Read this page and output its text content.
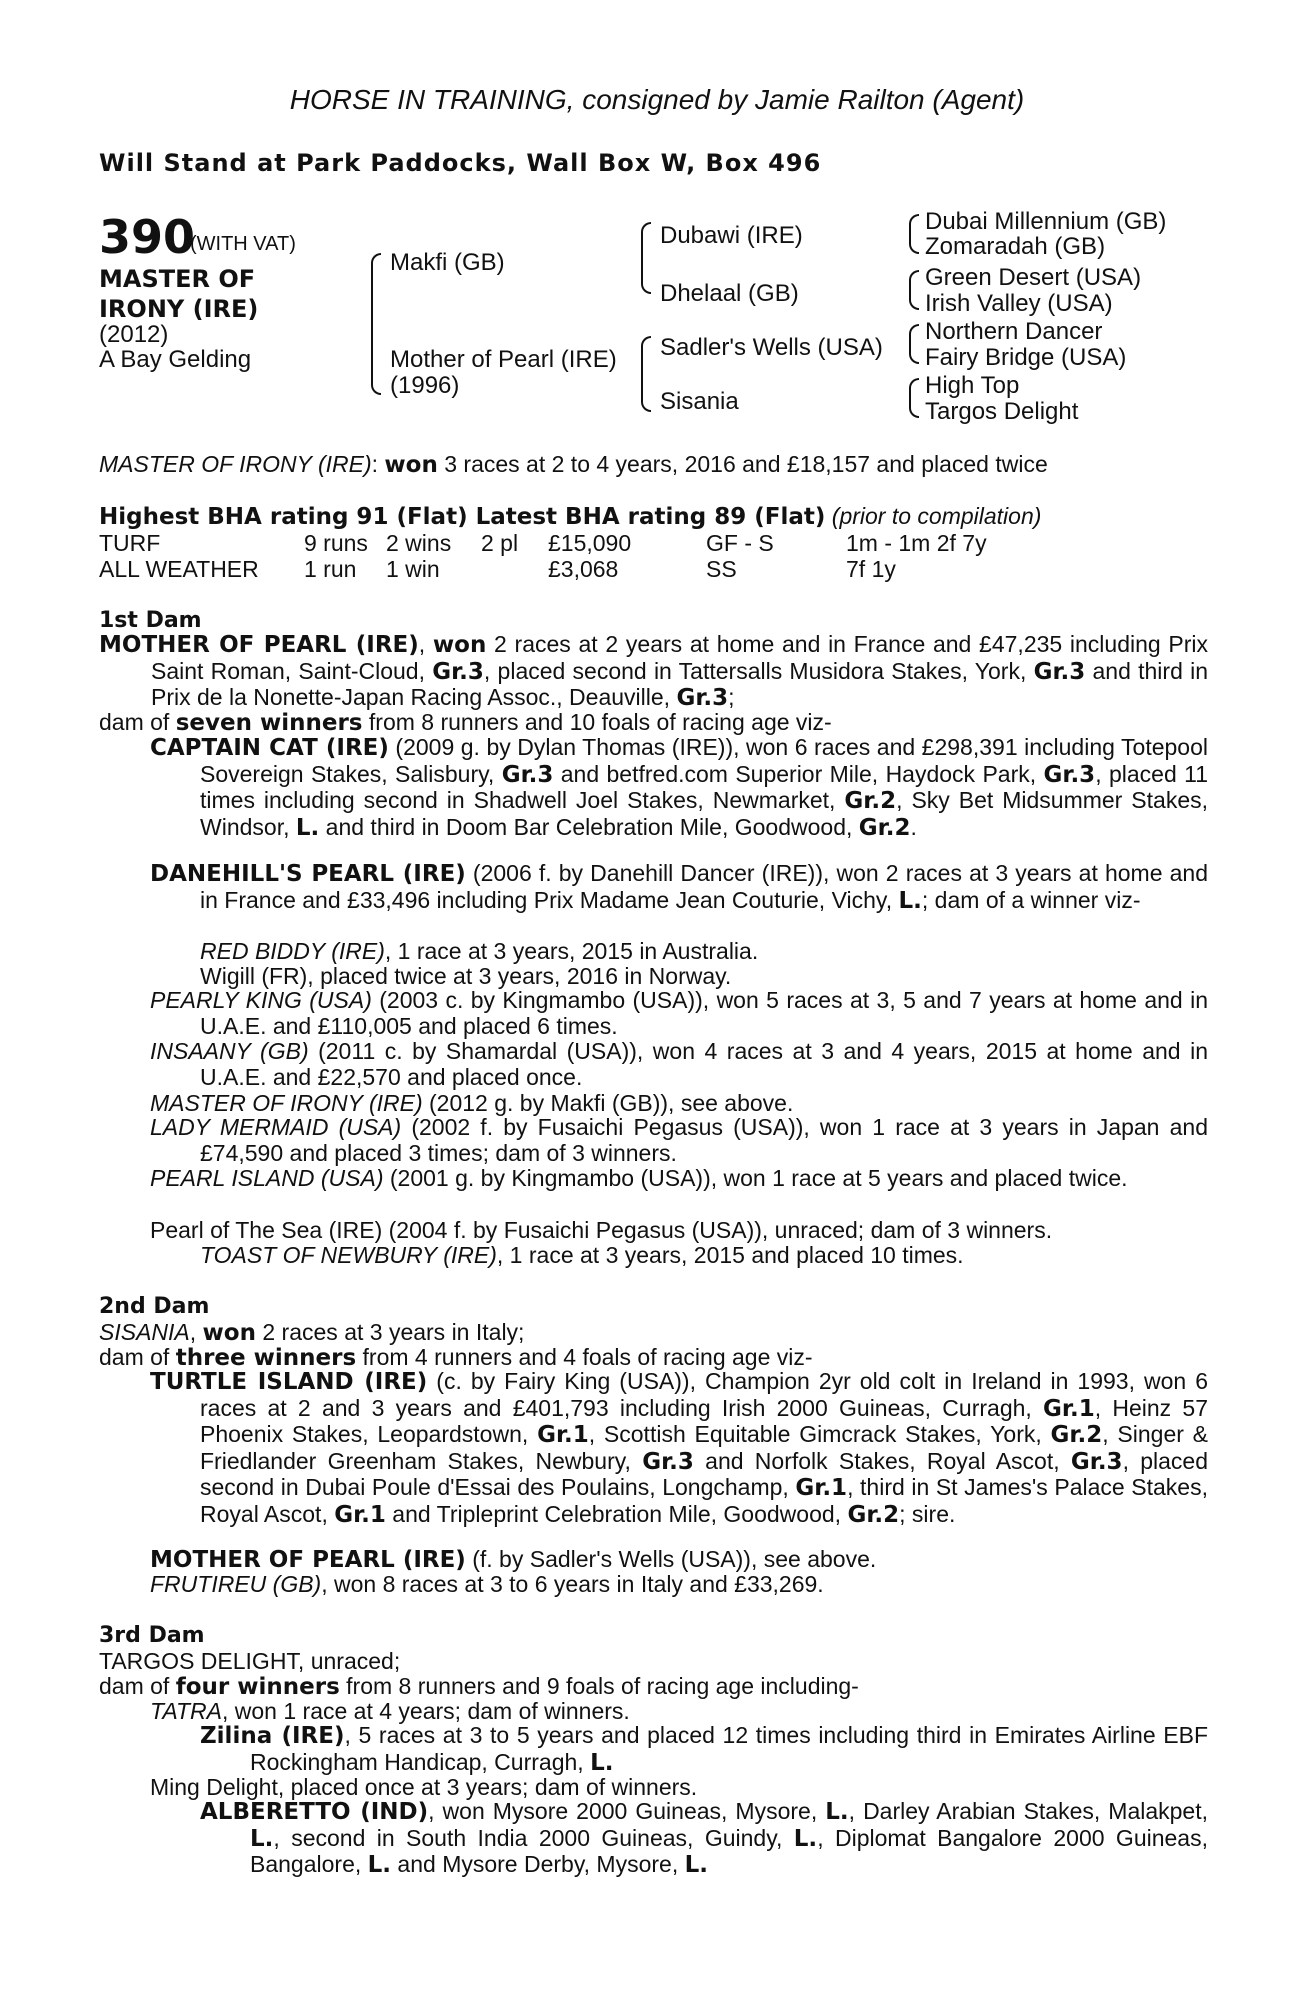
HORSE IN TRAINING, consigned by Jamie Railton (Agent)
Will Stand at Park Paddocks, Wall Box W, Box 496
390
(WITH VAT)
MASTER OF
IRONY (IRE)
(2012)
A Bay Gelding
Makfi (GB)
Mother of Pearl (IRE)
(1996)
Dubawi (IRE)
Dhelaal (GB)
Sadler's Wells (USA)
Sisania
Dubai Millennium (GB)
Zomaradah (GB)
Green Desert (USA)
Irish Valley (USA)
Northern Dancer
Fairy Bridge (USA)
High Top
Targos Delight
MASTER OF IRONY (IRE): won 3 races at 2 to 4 years, 2016 and £18,157 and placed twice
Highest BHA rating 91 (Flat) Latest BHA rating 89 (Flat) (prior to compilation)
TURF	9 runs 2 wins 2 pl £15,090	GF - S	1m - 1m 2f 7y
ALL WEATHER 1 run 1 win	£3,068	SS	7f 1y
1st Dam
MOTHER OF PEARL (IRE), won 2 races at 2 years at home and in France and £47,235 including Prix Saint Roman, Saint-Cloud, Gr.3, placed second in Tattersalls Musidora Stakes, York, Gr.3 and third in Prix de la Nonette-Japan Racing Assoc., Deauville, Gr.3;
dam of seven winners from 8 runners and 10 foals of racing age viz-
CAPTAIN CAT (IRE) (2009 g. by Dylan Thomas (IRE)), won 6 races and £298,391 including Totepool Sovereign Stakes, Salisbury, Gr.3 and betfred.com Superior Mile, Haydock Park, Gr.3, placed 11 times including second in Shadwell Joel Stakes, Newmarket, Gr.2, Sky Bet Midsummer Stakes, Windsor, L. and third in Doom Bar Celebration Mile, Goodwood, Gr.2.
DANEHILL'S PEARL (IRE) (2006 f. by Danehill Dancer (IRE)), won 2 races at 3 years at home and in France and £33,496 including Prix Madame Jean Couturie, Vichy, L.; dam of a winner viz-
RED BIDDY (IRE), 1 race at 3 years, 2015 in Australia.
Wigill (FR), placed twice at 3 years, 2016 in Norway.
PEARLY KING (USA) (2003 c. by Kingmambo (USA)), won 5 races at 3, 5 and 7 years at home and in U.A.E. and £110,005 and placed 6 times.
INSAANY (GB) (2011 c. by Shamardal (USA)), won 4 races at 3 and 4 years, 2015 at home and in U.A.E. and £22,570 and placed once.
MASTER OF IRONY (IRE) (2012 g. by Makfi (GB)), see above.
LADY MERMAID (USA) (2002 f. by Fusaichi Pegasus (USA)), won 1 race at 3 years in Japan and £74,590 and placed 3 times; dam of 3 winners.
PEARL ISLAND (USA) (2001 g. by Kingmambo (USA)), won 1 race at 5 years and placed twice.
Pearl of The Sea (IRE) (2004 f. by Fusaichi Pegasus (USA)), unraced; dam of 3 winners.
TOAST OF NEWBURY (IRE), 1 race at 3 years, 2015 and placed 10 times.
2nd Dam
SISANIA, won 2 races at 3 years in Italy;
dam of three winners from 4 runners and 4 foals of racing age viz-
TURTLE ISLAND (IRE) (c. by Fairy King (USA)), Champion 2yr old colt in Ireland in 1993, won 6 races at 2 and 3 years and £401,793 including Irish 2000 Guineas, Curragh, Gr.1, Heinz 57 Phoenix Stakes, Leopardstown, Gr.1, Scottish Equitable Gimcrack Stakes, York, Gr.2, Singer & Friedlander Greenham Stakes, Newbury, Gr.3 and Norfolk Stakes, Royal Ascot, Gr.3, placed second in Dubai Poule d'Essai des Poulains, Longchamp, Gr.1, third in St James's Palace Stakes, Royal Ascot, Gr.1 and Tripleprint Celebration Mile, Goodwood, Gr.2; sire.
MOTHER OF PEARL (IRE) (f. by Sadler's Wells (USA)), see above.
FRUTIREU (GB), won 8 races at 3 to 6 years in Italy and £33,269.
3rd Dam
TARGOS DELIGHT, unraced;
dam of four winners from 8 runners and 9 foals of racing age including-
TATRA, won 1 race at 4 years; dam of winners.
Zilina (IRE), 5 races at 3 to 5 years and placed 12 times including third in Emirates Airline EBF Rockingham Handicap, Curragh, L.
Ming Delight, placed once at 3 years; dam of winners.
ALBERETTO (IND), won Mysore 2000 Guineas, Mysore, L., Darley Arabian Stakes, Malakpet, L., second in South India 2000 Guineas, Guindy, L., Diplomat Bangalore 2000 Guineas, Bangalore, L. and Mysore Derby, Mysore, L.
